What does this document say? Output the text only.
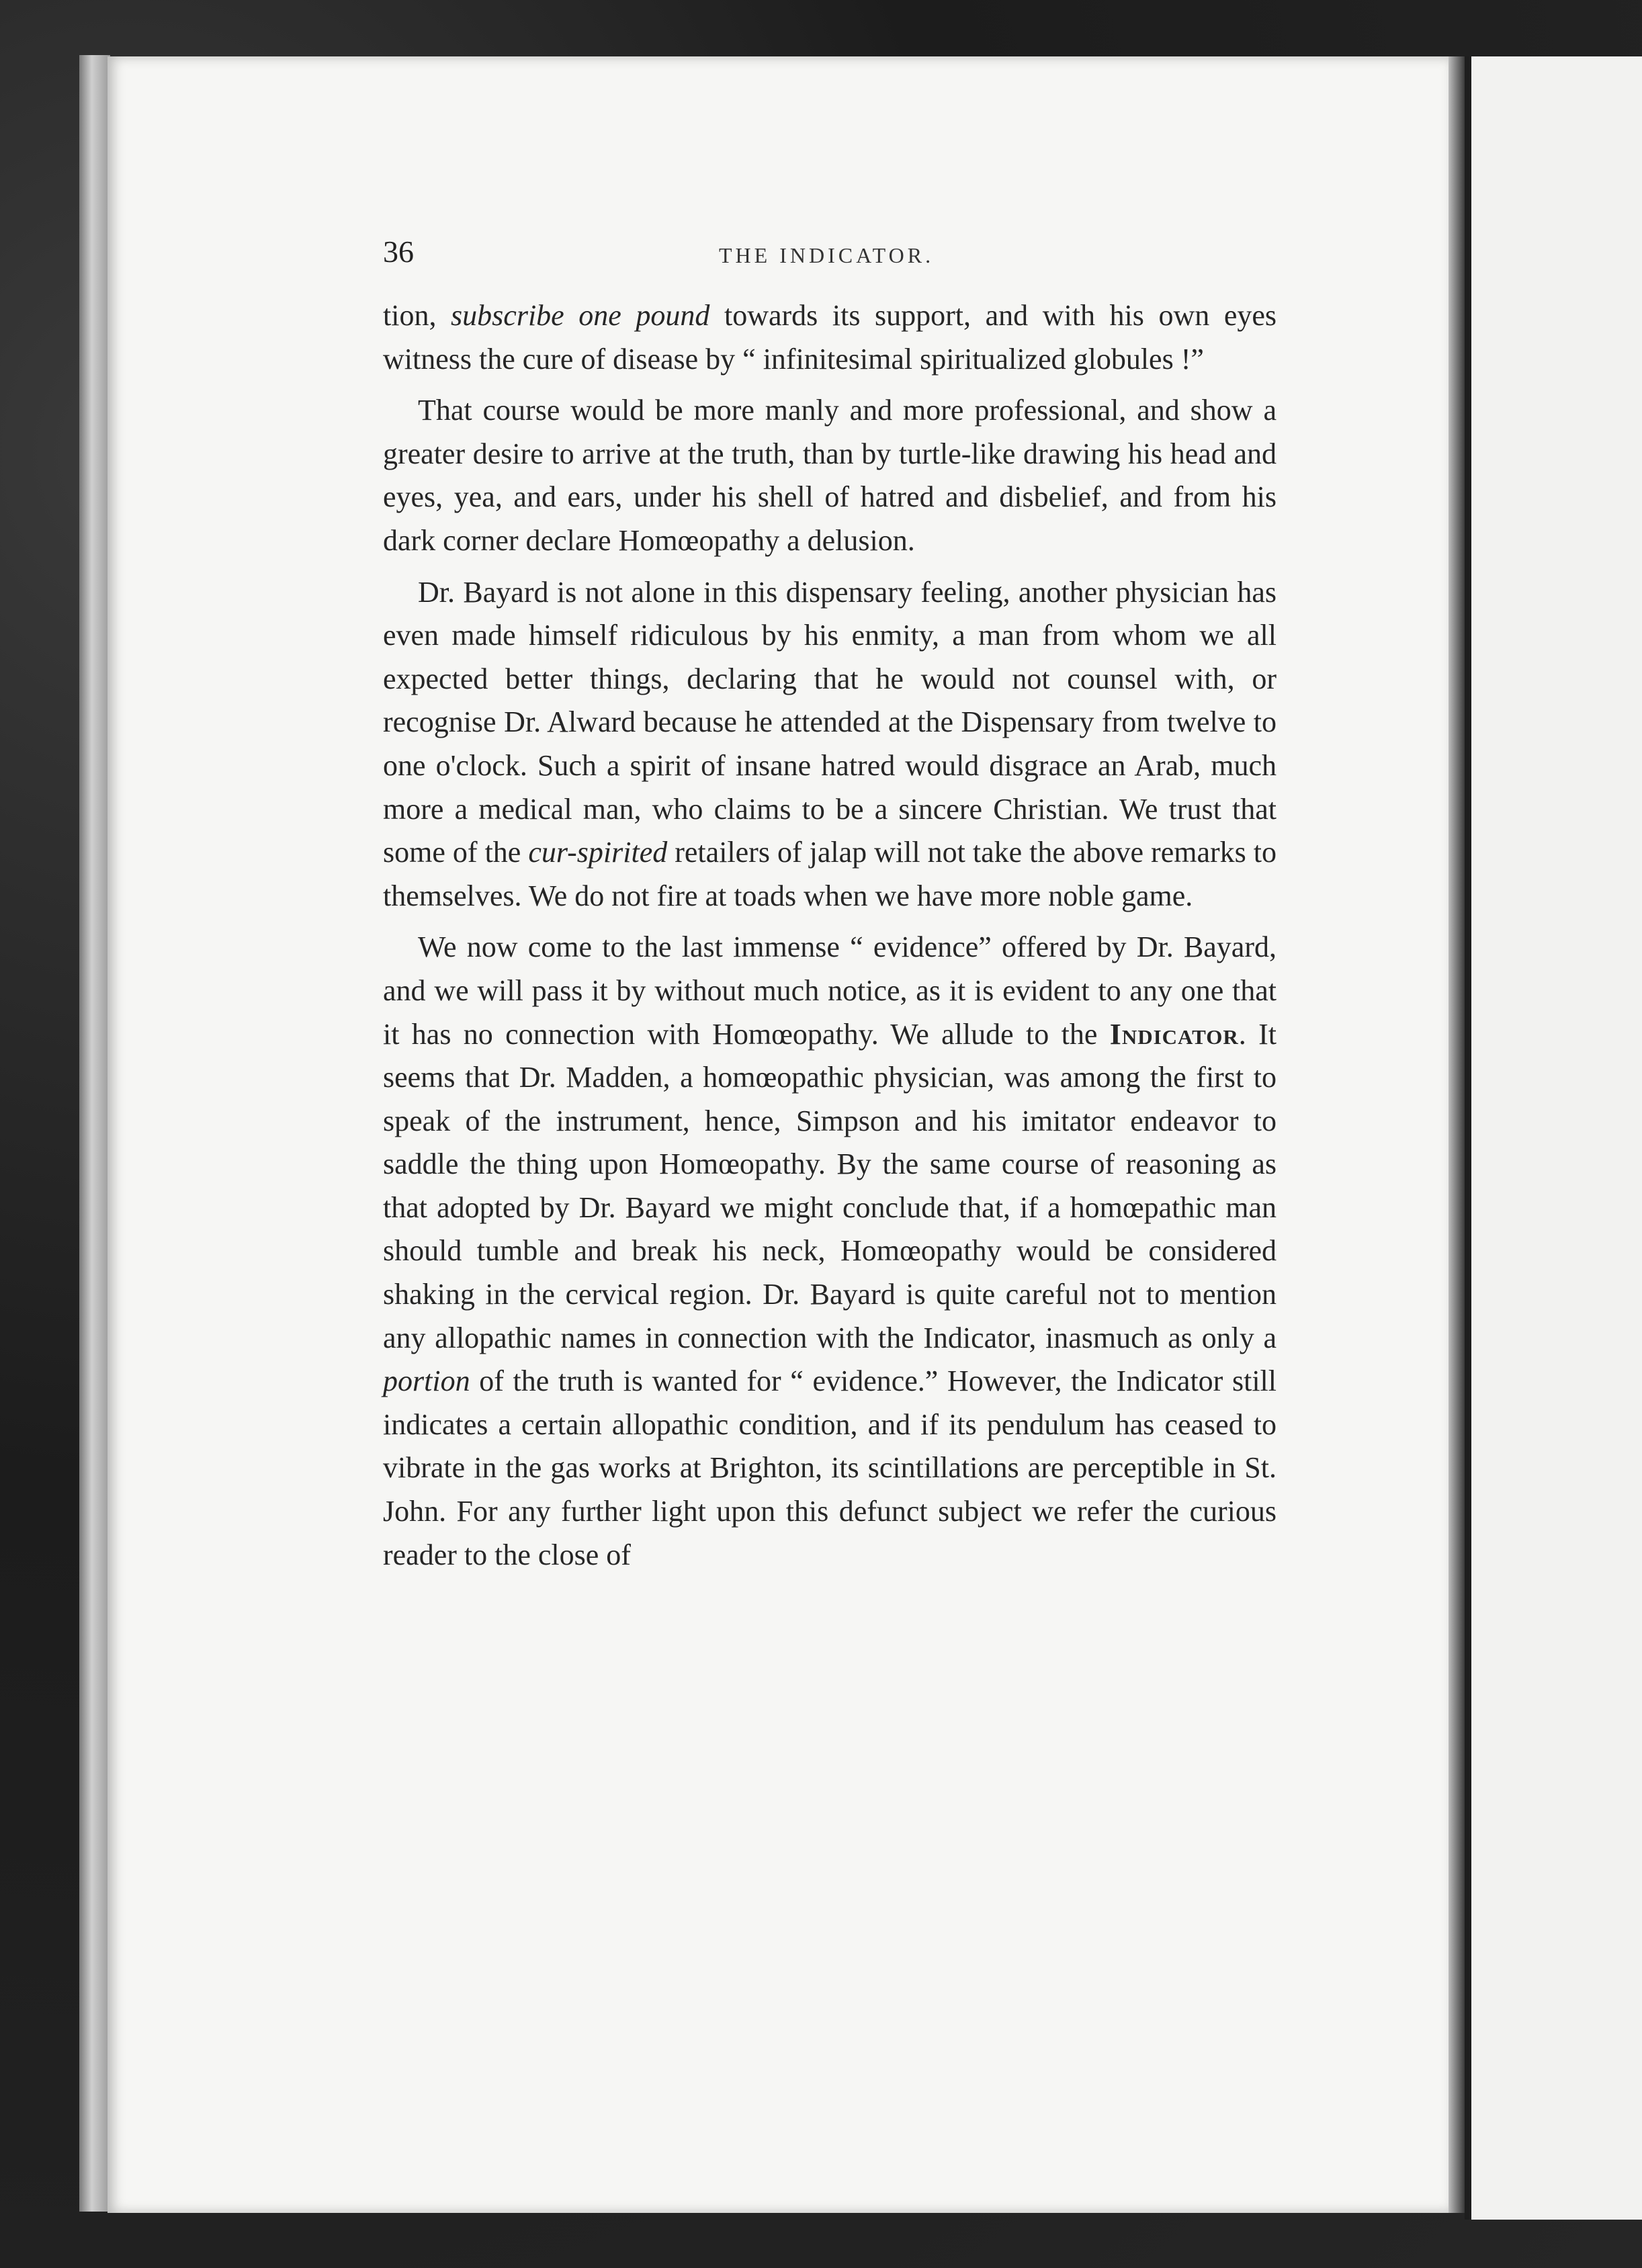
36	THE INDICATOR.

tion, subscribe one pound towards its support, and with his own eyes witness the cure of disease by “ infinitesimal spiritualized globules !”

That course would be more manly and more professional, and show a greater desire to arrive at the truth, than by turtle-like drawing his head and eyes, yea, and ears, under his shell of hatred and disbelief, and from his dark corner declare Homœopathy a delusion.

Dr. Bayard is not alone in this dispensary feeling, another physician has even made himself ridiculous by his enmity, a man from whom we all expected better things, declaring that he would not counsel with, or recognise Dr. Alward because he attended at the Dispensary from twelve to one o'clock. Such a spirit of insane hatred would disgrace an Arab, much more a medical man, who claims to be a sincere Christian. We trust that some of the cur-spirited retailers of jalap will not take the above remarks to themselves. We do not fire at toads when we have more noble game.

We now come to the last immense “ evidence” offered by Dr. Bayard, and we will pass it by without much notice, as it is evident to any one that it has no connection with Homœopathy. We allude to the Indicator. It seems that Dr. Madden, a homœopathic physician, was among the first to speak of the instrument, hence, Simpson and his imitator endeavor to saddle the thing upon Homœopathy. By the same course of reasoning as that adopted by Dr. Bayard we might conclude that, if a homœpathic man should tumble and break his neck, Homœopathy would be considered shaking in the cervical region. Dr. Bayard is quite careful not to mention any allopathic names in connection with the Indicator, inasmuch as only a portion of the truth is wanted for “ evidence.” However, the Indicator still indicates a certain allopathic condition, and if its pendulum has ceased to vibrate in the gas works at Brighton, its scintillations are perceptible in St. John. For any further light upon this defunct subject we refer the curious reader to the close of
